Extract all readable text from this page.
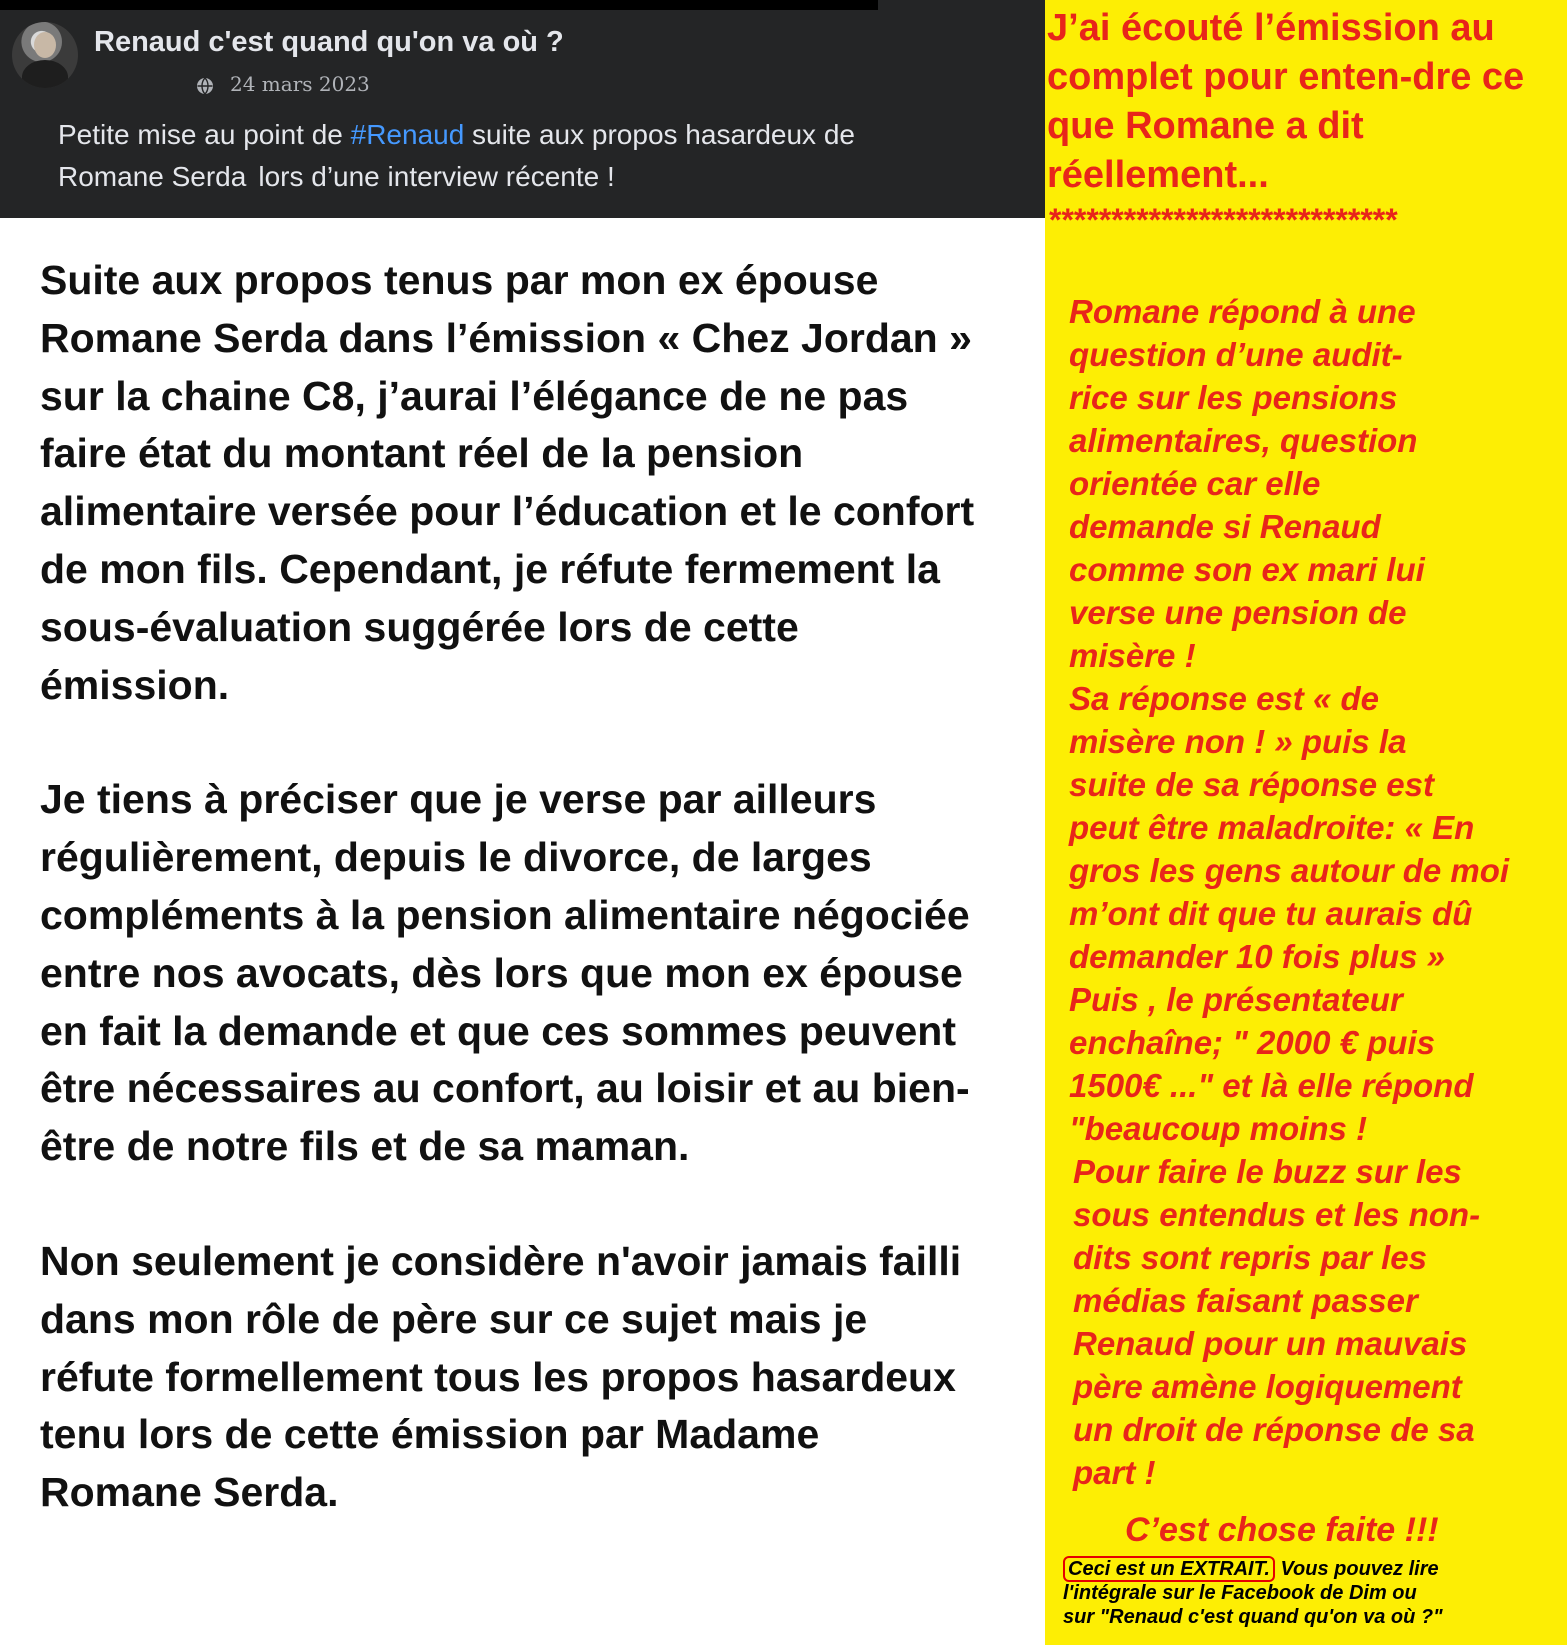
Renaud c'est quand qu'on va où ?
24 mars 2023
Petite mise au point de #Renaud suite aux propos hasardeux de
Romane Serda lors d’une interview récente !

Suite aux propos tenus par mon ex épouse Romane Serda dans l’émission « Chez Jordan » sur la chaine C8, j’aurai l’élégance de ne pas faire état du montant réel de la pension alimentaire versée pour l’éducation et le confort de mon fils. Cependant, je réfute fermement la sous-évaluation suggérée lors de cette émission.

Je tiens à préciser que je verse par ailleurs régulièrement, depuis le divorce, de larges compléments à la pension alimentaire négociée entre nos avocats, dès lors que mon ex épouse en fait la demande et que ces sommes peuvent être nécessaires au confort, au loisir et au bien-être de notre fils et de sa maman.

Non seulement je considère n'avoir jamais failli dans mon rôle de père sur ce sujet mais je réfute formellement tous les propos hasardeux tenu lors de cette émission par Madame Romane Serda.

J’ai écouté l’émission au complet pour enten-dre ce que Romane a dit réellement...
****************************
Romane répond à une
question d’une audit-
rice sur les pensions
alimentaires, question
orientée car elle
demande si Renaud
comme son ex mari lui
verse une pension de
misère !
Sa réponse est « de
misère non ! » puis la
suite de sa réponse est
peut être maladroite: « En
gros les gens autour de moi
m’ont dit que tu aurais dû
demander 10 fois plus »
Puis , le présentateur
enchaîne; " 2000 € puis
1500€ ..." et là elle répond
"beaucoup moins !
Pour faire le buzz sur les
sous entendus et les non-
dits sont repris par les
médias faisant passer
Renaud pour un mauvais
père amène logiquement
un droit de réponse de sa
part !
C’est chose faite !!!
Ceci est un EXTRAIT. Vous pouvez lire
l'intégrale sur le Facebook de Dim ou
sur "Renaud c'est quand qu'on va où ?"
